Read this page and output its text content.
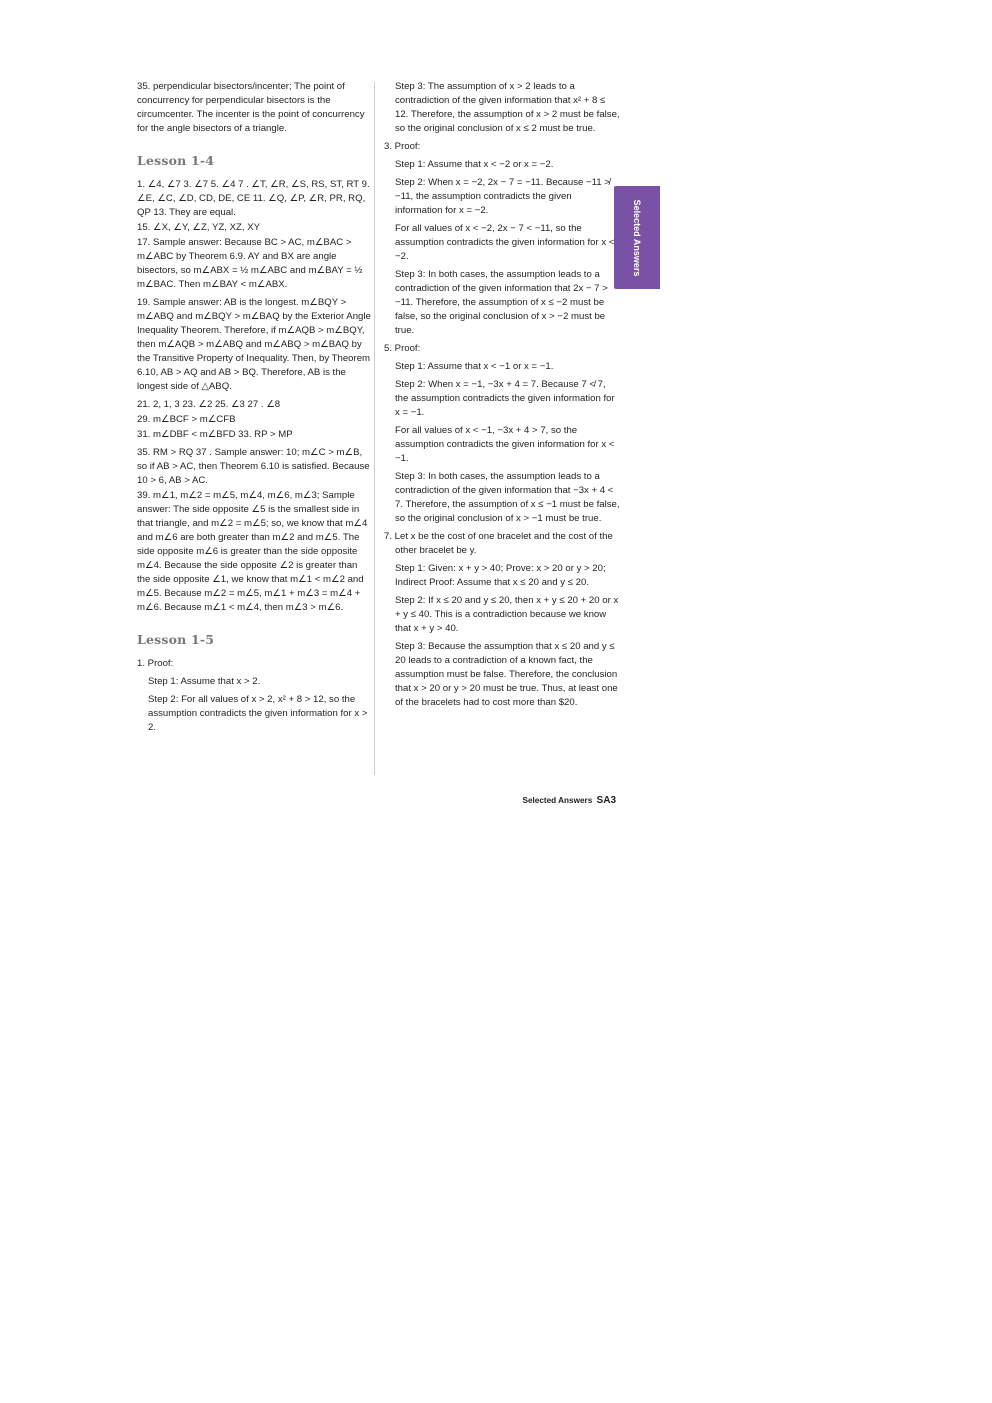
35. perpendicular bisectors/incenter; The point of concurrency for perpendicular bisectors is the circumcenter. The incenter is the point of concurrency for the angle bisectors of a triangle.

Lesson 1-4

1. ∠4, ∠7 3. ∠7 5. ∠4 7 . ∠T, ∠R, ∠S, RS, ST, RT 9. ∠E, ∠C, ∠D, CD, DE, CE 11. ∠Q, ∠P, ∠R, PR, RQ, QP 13. They are equal.

15. ∠X, ∠Y, ∠Z, YZ, XZ, XY

17. Sample answer: Because BC > AC, m∠BAC > m∠ABC by Theorem 6.9. AY and BX are angle bisectors, so m∠ABX = ½ m∠ABC and m∠BAY = ½ m∠BAC. Then m∠BAY < m∠ABX.

19. Sample answer: AB is the longest. m∠BQY > m∠ABQ and m∠BQY > m∠BAQ by the Exterior Angle Inequality Theorem. Therefore, if m∠AQB > m∠BQY, then m∠AQB > m∠ABQ and m∠ABQ > m∠BAQ by the Transitive Property of Inequality. Then, by Theorem 6.10, AB > AQ and AB > BQ. Therefore, AB is the longest side of △ABQ.

21. 2, 1, 3 23. ∠2 25. ∠3 27 . ∠8

29. m∠BCF > m∠CFB

31. m∠DBF < m∠BFD 33. RP > MP

35. RM > RQ 37 . Sample answer: 10; m∠C > m∠B, so if AB > AC, then Theorem 6.10 is satisfied. Because 10 > 6, AB > AC.

39. m∠1, m∠2 = m∠5, m∠4, m∠6, m∠3; Sample answer: The side opposite ∠5 is the smallest side in that triangle, and m∠2 = m∠5; so, we know that m∠4 and m∠6 are both greater than m∠2 and m∠5. The side opposite m∠6 is greater than the side opposite m∠4. Because the side opposite ∠2 is greater than the side opposite ∠1, we know that m∠1 < m∠2 and m∠5. Because m∠2 = m∠5, m∠1 + m∠3 = m∠4 + m∠6. Because m∠1 < m∠4, then m∠3 > m∠6.

Lesson 1-5

1. Proof:

Step 1: Assume that x > 2.

Step 2: For all values of x > 2, x² + 8 > 12, so the assumption contradicts the given information for x > 2.

Step 3: The assumption of x > 2 leads to a contradiction of the given information that x² + 8 ≤ 12. Therefore, the assumption of x > 2 must be false, so the original conclusion of x ≤ 2 must be true.

3. Proof:

Step 1: Assume that x < −2 or x = −2.

Step 2: When x = −2, 2x − 7 = −11. Because −11 ≯ −11, the assumption contradicts the given information for x = −2.

For all values of x < −2, 2x − 7 < −11, so the assumption contradicts the given information for x < −2.

Step 3: In both cases, the assumption leads to a contradiction of the given information that 2x − 7 > −11. Therefore, the assumption of x ≤ −2 must be false, so the original conclusion of x > −2 must be true.

5. Proof:

Step 1: Assume that x < −1 or x = −1.

Step 2: When x = −1, −3x + 4 = 7. Because 7 ≮ 7, the assumption contradicts the given information for x = −1.

For all values of x < −1, −3x + 4 > 7, so the assumption contradicts the given information for x < −1.

Step 3: In both cases, the assumption leads to a contradiction of the given information that −3x + 4 < 7. Therefore, the assumption of x ≤ −1 must be false, so the original conclusion of x > −1 must be true.

7. Let x be the cost of one bracelet and the cost of the other bracelet be y.

Step 1: Given: x + y > 40; Prove: x > 20 or y > 20; Indirect Proof: Assume that x ≤ 20 and y ≤ 20.

Step 2: If x ≤ 20 and y ≤ 20, then x + y ≤ 20 + 20 or x + y ≤ 40. This is a contradiction because we know that x + y > 40.

Step 3: Because the assumption that x ≤ 20 and y ≤ 20 leads to a contradiction of a known fact, the assumption must be false. Therefore, the conclusion that x > 20 or y > 20 must be true. Thus, at least one of the bracelets had to cost more than $20.

Selected Answers
Selected Answers SA3
